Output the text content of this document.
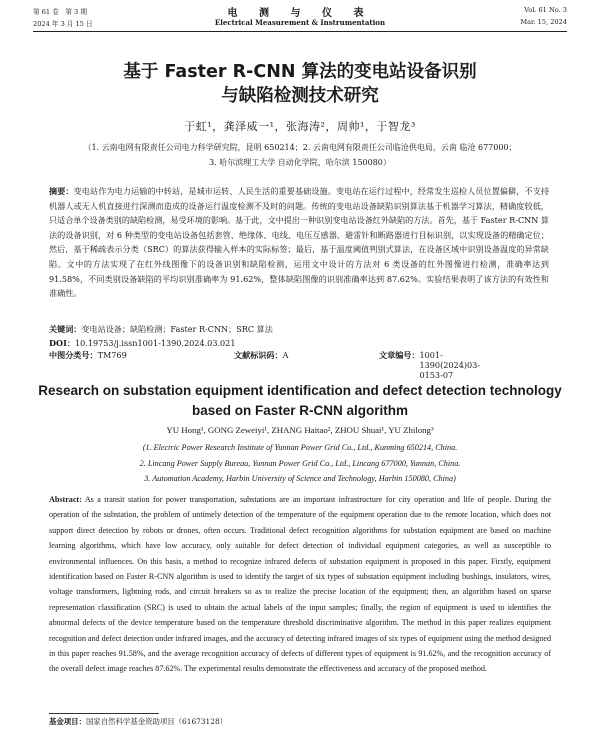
第 61 卷　第 3 期
2024 年 3 月 15 日
电 测 与 仪 表
Electrical Measurement & Instrumentation
Vol. 61 No. 3
Mar. 15, 2024
基于 Faster R-CNN 算法的变电站设备识别
与缺陷检测技术研究
于虹¹，龚泽威一¹，张海涛²，周帅¹，于智龙³
（1. 云南电网有限责任公司电力科学研究院，昆明 650214；2. 云南电网有限责任公司临沧供电局，云南 临沧 677000；
3. 哈尔滨理工大学 自动化学院，哈尔滨 150080）
摘要：变电站作为电力运输的中转站，是城市运转、人民生活的重要基础设施。变电站在运行过程中，经常发生巡检人员位置偏僻，不支持机器人或无人机直接进行深测而造成的设备运行温度检测不及时的问题。传统的变电站设备缺陷识别算法基于机器学习算法，精确度较低，只适合单个设备类别的缺陷检测，易受环境的影响。基于此，文中提出一种识别变电站设备红外缺陷的方法。首先，基于 Faster R-CNN 算法的设备识别，对 6 种类型的变电站设备包括套管、绝缘体、电线、电压互感器、避雷针和断路器进行目标识别，以实现设备的精确定位；然后，基于稀疏表示分类（SRC）的算法获得输入样本的实际标签；最后，基于温度阈值判别式算法，在设备区域中识别设备温度的异常缺陷。文中的方法实现了在红外线图像下的设备识别和缺陷检测，运用文中设计的方法对 6 类设备的红外图像进行检测，准确率达到 91.58%，不同类别设备缺陷的平均识别准确率为 91.62%，整体缺陷图像的识别准确率达到 87.62%。实验结果表明了该方法的有效性和准确性。
关键词：变电站设备；缺陷检测；Faster R-CNN；SRC 算法
DOI：10.19753/j.issn1001-1390.2024.03.021
中图分类号： TM769	文献标识码： A	文章编号： 1001-1390(2024)03-0153-07
Research on substation equipment identification and defect detection technology
based on Faster R-CNN algorithm
YU Hong¹, GONG Zeweiyi¹, ZHANG Haitao², ZHOU Shuai¹, YU Zhilong³
(1. Electric Power Research Institute of Yunnan Power Grid Co., Ltd., Kunming 650214, China.
2. Lincang Power Supply Bureau, Yunnan Power Grid Co., Ltd., Lincang 677000, Yunnan, China.
3. Automation Academy, Harbin University of Science and Technology, Harbin 150080, China)
Abstract: As a transit station for power transportation, substations are an important infrastructure for city operation and life of people. During the operation of the substation, the problem of untimely detection of the temperature of the equipment operation due to the remote location, which does not support direct detection by robots or drones, often occurs. Traditional defect recognition algorithms for substation equipment are based on machine learning algorithms, which have low accuracy, only suitable for defect detection of individual equipment categories, as well as susceptible to environmental influences. On this basis, a method to recognize infrared defects of substation equipment is proposed in this paper. Firstly, equipment identification based on Faster R-CNN algorithm is used to identify the target of six types of substation equipment including bushings, insulators, wires, voltage transformers, lightning rods, and circuit breakers so as to realize the precise location of the equipment; then, an algorithm based on sparse representation classification (SRC) is used to obtain the actual labels of the input samples; finally, the region of equipment is used to identifies the abnormal defects of the device temperature based on the temperature threshold discriminative algorithm. The method in this paper realizes equipment recognition and defect detection under infrared images, and the accuracy of detecting infrared images of six types of equipment using the method designed in this paper reaches 91.58%, and the average recognition accuracy of defects of different types of equipment is 91.62%, and the recognition accuracy of the overall defect image reaches 87.62%. The experimental results demonstrate the effectiveness and accuracy of the proposed method.
基金项目：国家自然科学基金资助项目（61673128）
